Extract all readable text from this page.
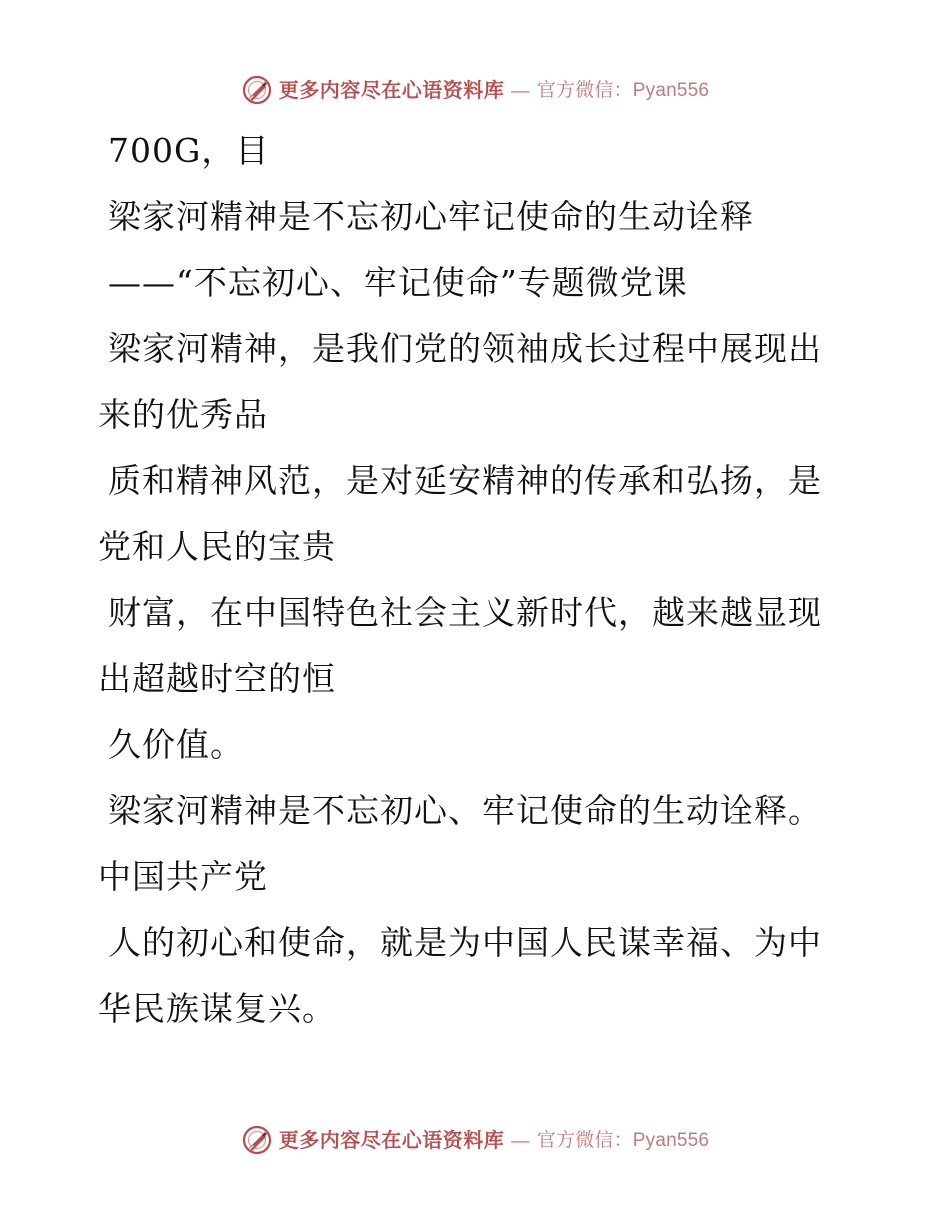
更多内容尽在心语资料库 — 官方微信：Pyan556
700G，目
梁家河精神是不忘初心牢记使命的生动诠释
——“不忘初心、牢记使命”专题微党课
梁家河精神，是我们党的领袖成长过程中展现出
来的优秀品
质和精神风范，是对延安精神的传承和弘扬，是
党和人民的宝贵
财富，在中国特色社会主义新时代，越来越显现
出超越时空的恒
久价值。
梁家河精神是不忘初心、牢记使命的生动诠释。
中国共产党
人的初心和使命，就是为中国人民谋幸福、为中
华民族谋复兴。
更多内容尽在心语资料库 — 官方微信：Pyan556
